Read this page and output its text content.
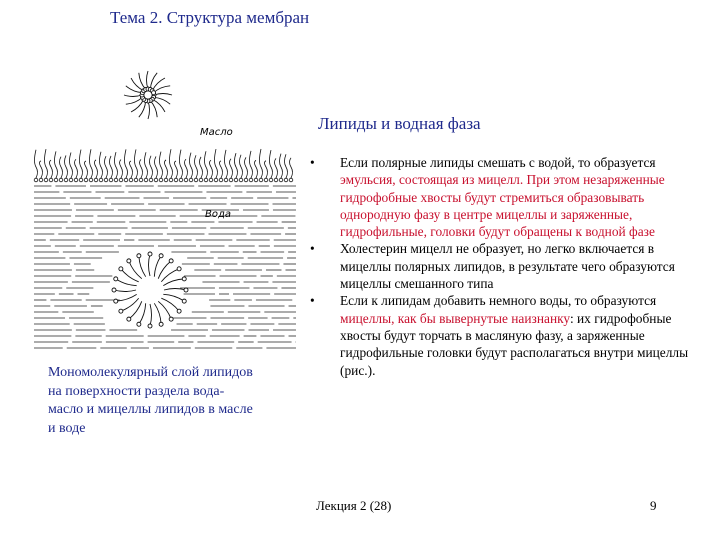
Тема 2. Структура мембран
Масло
Вода
Мономолекулярный слой липидов на поверхности раздела вода-масло и мицеллы липидов в масле и воде
Липиды и водная фаза
• Если полярные липиды смешать с водой, то образуется эмульсия, состоящая из мицелл. При этом незаряженные гидрофобные хвосты будут стремиться образовывать однородную фазу в центре мицеллы и заряженные, гидрофильные, головки будут обращены к водной фазе
• Холестерин мицелл не образует, но легко включается в мицеллы полярных липидов, в результате чего образуются мицеллы смешанного типа
• Если к липидам добавить немного воды, то образуются мицеллы, как бы вывернутые наизнанку: их гидрофобные хвосты будут торчать в масляную фазу, а заряженные гидрофильные головки будут располагаться внутри мицеллы (рис.).
Лекция 2 (28)	9
